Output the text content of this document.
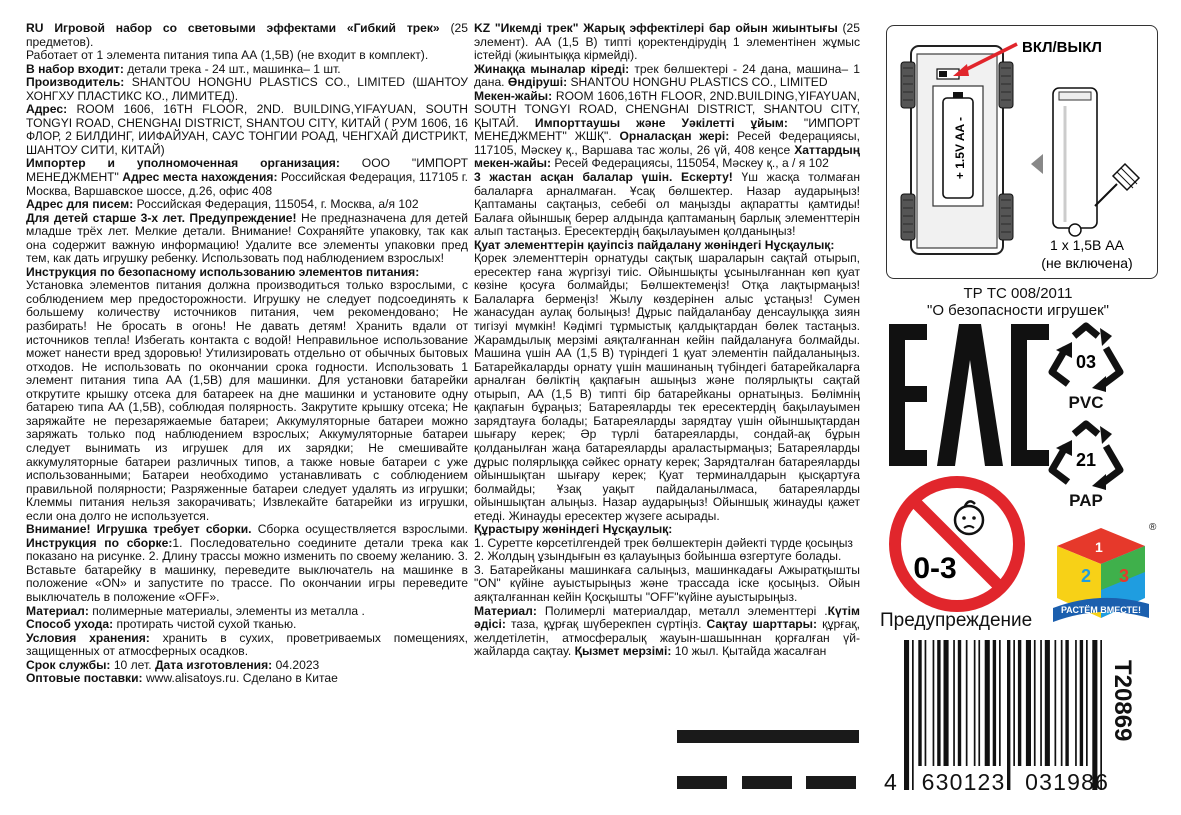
RU Игровой набор со световыми эффектами «Гибкий трек» (25 предметов).

Работает от 1 элемента питания типа АА (1,5В) (не входит в комплект).

В набор входит: детали трека - 24 шт., машинка– 1 шт.

Производитель: SHANTOU HONGHU PLASTICS CO., LIMITED (ШАНТОУ ХОНГХУ ПЛАСТИКС КО., ЛИМИТЕД).

Адрес: ROOM 1606, 16TH FLOOR, 2ND. BUILDING,YIFAYUAN, SOUTH TONGYI ROAD, CHENGHAI DISTRICT, SHANTOU CITY, КИТАЙ ( РУМ 1606, 16 ФЛОР, 2 БИЛДИНГ, ИИФАЙУАН, САУС ТОНГИИ РОАД, ЧЕНГХАЙ ДИСТРИКТ, ШАНТОУ СИТИ, КИТАЙ)

Импортер и уполномоченная организация: ООО "ИМПОРТ МЕНЕДЖМЕНТ" Адрес места нахождения: Российская Федерация, 117105 г. Москва, Варшавское шоссе, д.26, офис 408

Адрес для писем: Российская Федерация, 115054, г. Москва, а/я 102

Для детей старше 3-х лет. Предупреждение! Не предназначена для детей младше трёх лет. Мелкие детали. Внимание! Сохраняйте упаковку, так как она содержит важную информацию! Удалите все элементы упаковки пред тем, как дать игрушку ребенку. Использовать под наблюдением взрослых!

Инструкция по безопасному использованию элементов питания:
Установка элементов питания должна производиться только взрослыми, с соблюдением мер предосторожности. Игрушку не следует подсоединять к большему количеству источников питания, чем рекомендовано; Не разбирать! Не бросать в огонь! Не давать детям! Хранить вдали от источников тепла! Избегать контакта с водой! Неправильное использование может нанести вред здоровью! Утилизировать отдельно от обычных бытовых отходов. Не использовать по окончании срока годности. Использовать 1 элемент питания типа АА (1,5В) для машинки. Для установки батарейки открутите крышку отсека для батареек на дне машинки и установите одну батарею типа АА (1,5В), соблюдая полярность. Закрутите крышку отсека; Не заряжайте не перезаряжаемые батареи; Аккумуляторные батареи можно заряжать только под наблюдением взрослых; Аккумуляторные батареи следует вынимать из игрушек для их зарядки; Не смешивайте аккумуляторные батареи различных типов, а также новые батареи с уже использованными; Батареи необходимо устанавливать с соблюдением правильной полярности; Разряженные батареи следует удалять из игрушки; Клеммы питания нельзя закорачивать; Извлекайте батарейки из игрушки, если она долго не используется.

Внимание! Игрушка требует сборки. Сборка осуществляется взрослыми. Инструкция по сборке:1. Последовательно соедините детали трека как показано на рисунке. 2. Длину трассы можно изменить по своему желанию. 3. Вставьте батарейку в машинку, переведите выключатель на машинке в положение «ON» и запустите по трассе. По окончании игры переведите выключатель в положение «OFF».

Материал: полимерные материалы, элементы из металла .

Способ ухода: протирать чистой сухой тканью.

Условия хранения: хранить в сухих, проветриваемых помещениях, защищенных от атмосферных осадков.

Срок службы: 10 лет. Дата изготовления: 04.2023

Оптовые поставки: www.alisatoys.ru. Сделано в Китае

KZ "Икемді трек" Жарық эффектілері бар ойын жиынтығы (25 элемент). АА (1,5 В) типті қоректендірудің 1 элементінен жұмыс істейді (жиынтыққа кірмейді).

Жинаққа мыналар кіреді: трек бөлшектері - 24 дана, машина– 1 дана. Өндіруші: SHANTOU HONGHU PLASTICS CO., LIMITED

Мекен-жайы: ROOM 1606,16TH FLOOR, 2ND.BUILDING,YIFAYUAN, SOUTH TONGYI ROAD, CHENGHAI DISTRICT, SHANTOU CITY, ҚЫТАЙ. Импорттаушы және Уәкілетті ұйым: "ИМПОРТ МЕНЕДЖМЕНТ" ЖШҚ". Орналасқан жері: Ресей Федерациясы, 117105, Мәскеу қ., Варшава тас жолы, 26 үй, 408 кеңсе Хаттардың мекен-жайы: Ресей Федерациясы, 115054, Мәскеу қ., а / я 102

3 жастан асқан балалар үшін. Ескерту! Үш жасқа толмаған балаларға арналмаған. Ұсақ бөлшектер. Назар аударыңыз! Қаптаманы сақтаңыз, себебі ол маңызды ақпаратты қамтиды! Балаға ойыншық берер алдында қаптаманың барлық элементтерін алып тастаңыз. Ересектердің бақылауымен қолданыңыз!

Қуат элементтерін қауіпсіз пайдалану жөніндегі Нұсқаулық:
Қорек элементтерін орнатуды сақтық шараларын сақтай отырып, ересектер ғана жүргізуі тиіс. Ойыншықты ұсынылғаннан көп қуат көзіне қосуға болмайды; Бөлшектемеңіз! Отқа лақтырмаңыз! Балаларға бермеңіз! Жылу көздерінен алыс ұстаңыз! Сумен жанасудан аулақ болыңыз! Дұрыс пайдаланбау денсаулыққа зиян тигізуі мүмкін! Кәдімгі тұрмыстық қалдықтардан бөлек тастаңыз. Жарамдылық мерзімі аяқталғаннан кейін пайдалануға болмайды. Машина үшін АА (1,5 В) түріндегі 1 қуат элементін пайдаланыңыз. Батарейкаларды орнату үшін машинаның түбіндегі батарейкаларға арналған бөліктің қақпағын ашыңыз және полярлықты сақтай отырып, АА (1,5 В) типті бір батарейканы орнатыңыз. Бөлімнің қақпағын бұраңыз; Батареяларды тек ересектердің бақылауымен зарядтауға болады; Батареяларды зарядтау үшін ойыншықтардан шығару керек; Әр түрлі батареяларды, сондай-ақ бұрын қолданылған жаңа батареяларды араластырмаңыз; Батареяларды дұрыс полярлыққа сәйкес орнату керек; Зарядталған батареяларды ойыншықтан шығару керек; Қуат терминалдарын қысқартуға болмайды; Ұзақ уақыт пайдаланылмаса, батареяларды ойыншықтан алыңыз. Назар аударыңыз! Ойыншық жинауды қажет етеді. Жинауды ересектер жүзеге асырады.

Құрастыру жөніндегі Нұсқаулық:
1. Суретте көрсетілгендей трек бөлшектерін дәйекті түрде қосыңыз

2. Жолдың ұзындығын өз қалауыңыз бойынша өзгертуге болады.

3. Батарейканы машинкаға салыңыз, машинкадағы Ажыратқышты "ON" күйіне ауыстырыңыз және трассада іске қосыңыз. Ойын аяқталғаннан кейін Қосқышты "OFF"күйіне ауыстырыңыз.

Материал: Полимерлі материалдар, металл элементтері .Күтім әдісі: таза, құрғақ шүберекпен сүртіңіз. Сақтау шарттары: құрғақ, желдетілетін, атмосфералық жауын-шашыннан қорғалған үй-жайларда сақтау. Қызмет мерзімі: 10 жыл. Қытайда жасалған

+ 1.5V AA -
ВКЛ/ВЫКЛ
1 x 1,5В АА
(не включена)
ТР ТС 008/2011
"О безопасности игрушек"
03
PVC
21
PAP
0-3
Предупреждение
2 3
1
РАСТЁМ ВМЕСТЕ!
®
T20869
4 630123 031986
